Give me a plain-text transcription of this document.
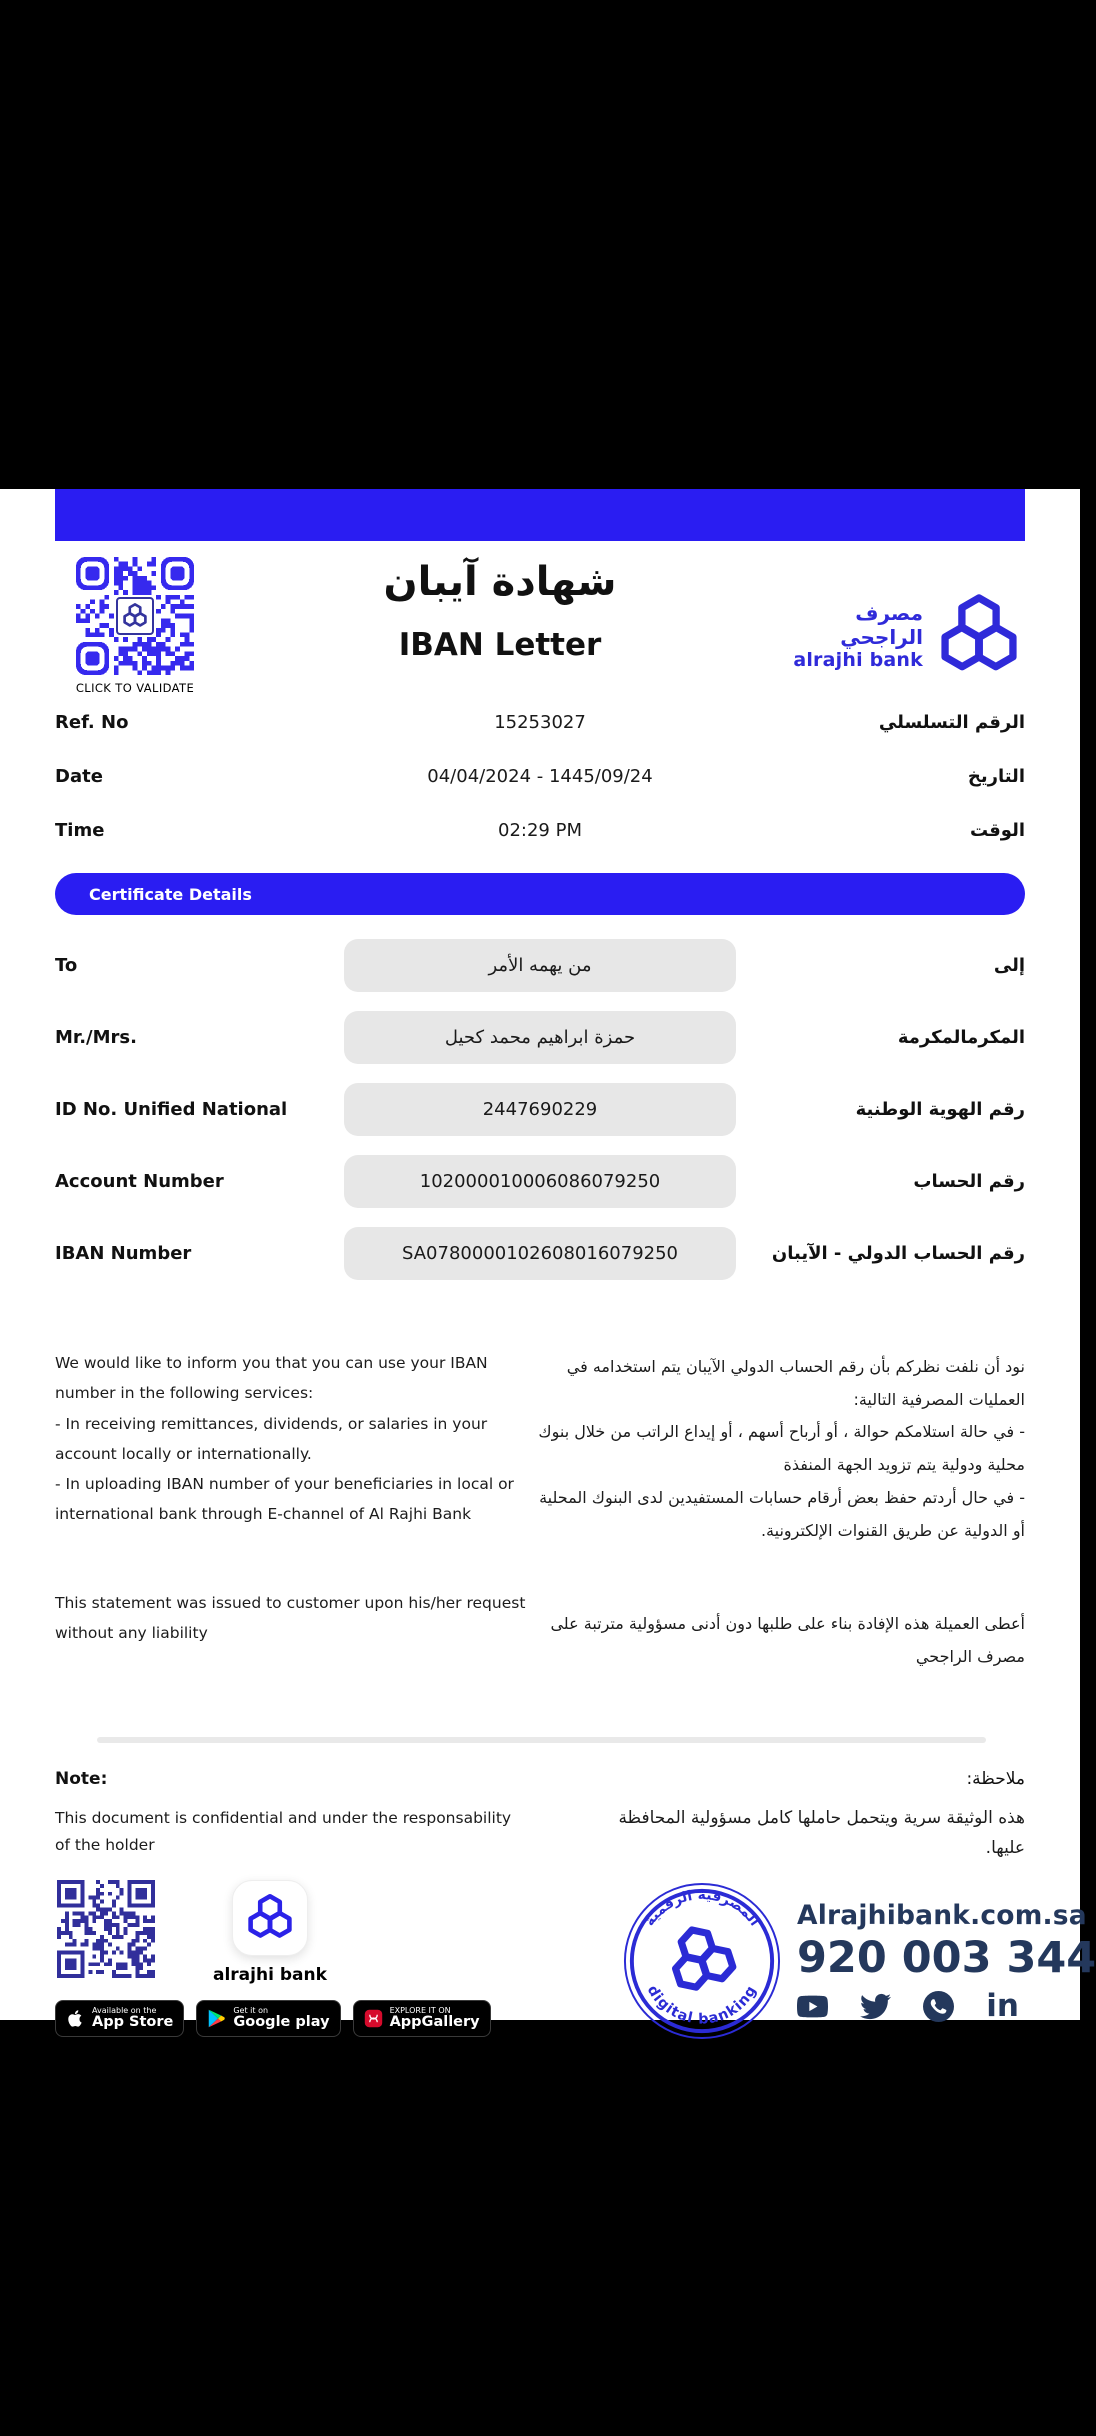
CLICK TO VALIDATE
شهادة آيبان
IBAN Letter
مصرف الراجحي
alrajhi bank
Ref. No	15253027	الرقم التسلسلي
Date	04/04/2024 - 1445/09/24	التاريخ
Time	02:29 PM	الوقت
Certificate Details
To	من يهمه الأمر	إلى
Mr./Mrs.	حمزة ابراهيم محمد كحيل	المكرمالمكرمة
ID No. Unified National	2447690229	رقم الهوية الوطنية
Account Number	102000010006086079250	رقم الحساب
IBAN Number	SA0780000102608016079250	رقم الحساب الدولي - الآيبان

We would like to inform you that you can use your IBAN number in the following services:
- In receiving remittances, dividends, or salaries in your account locally or internationally.
- In uploading IBAN number of your beneficiaries in local or international bank through E-channel of Al Rajhi Bank

This statement was issued to customer upon his/her request without any liability

نود أن نلفت نظركم بأن رقم الحساب الدولي الآيبان يتم استخدامه في العمليات المصرفية التالية:
- في حالة استلامكم حوالة ، أو أرباح أسهم ، أو إيداع الراتب من خلال بنوك محلية ودولية يتم تزويد الجهة المنفذة
- في حال أردتم حفظ بعض أرقام حسابات المستفيدين لدى البنوك المحلية أو الدولية عن طريق القنوات الإلكترونية.

أعطى العميلة هذه الإفادة بناء على طلبها دون أدنى مسؤولية مترتبة على مصرف الراجحي

Note:
This document is confidential and under the responsability of the holder
ملاحظة:
هذه الوثيقة سرية ويتحمل حاملها كامل مسؤولية المحافظة عليها.
alrajhi bank
Available on the
App Store
Get it on
Google play
EXPLORE IT ON
AppGallery
المصرفية الرقمية
digital banking
Alrajhibank.com.sa
920 003 344
in
